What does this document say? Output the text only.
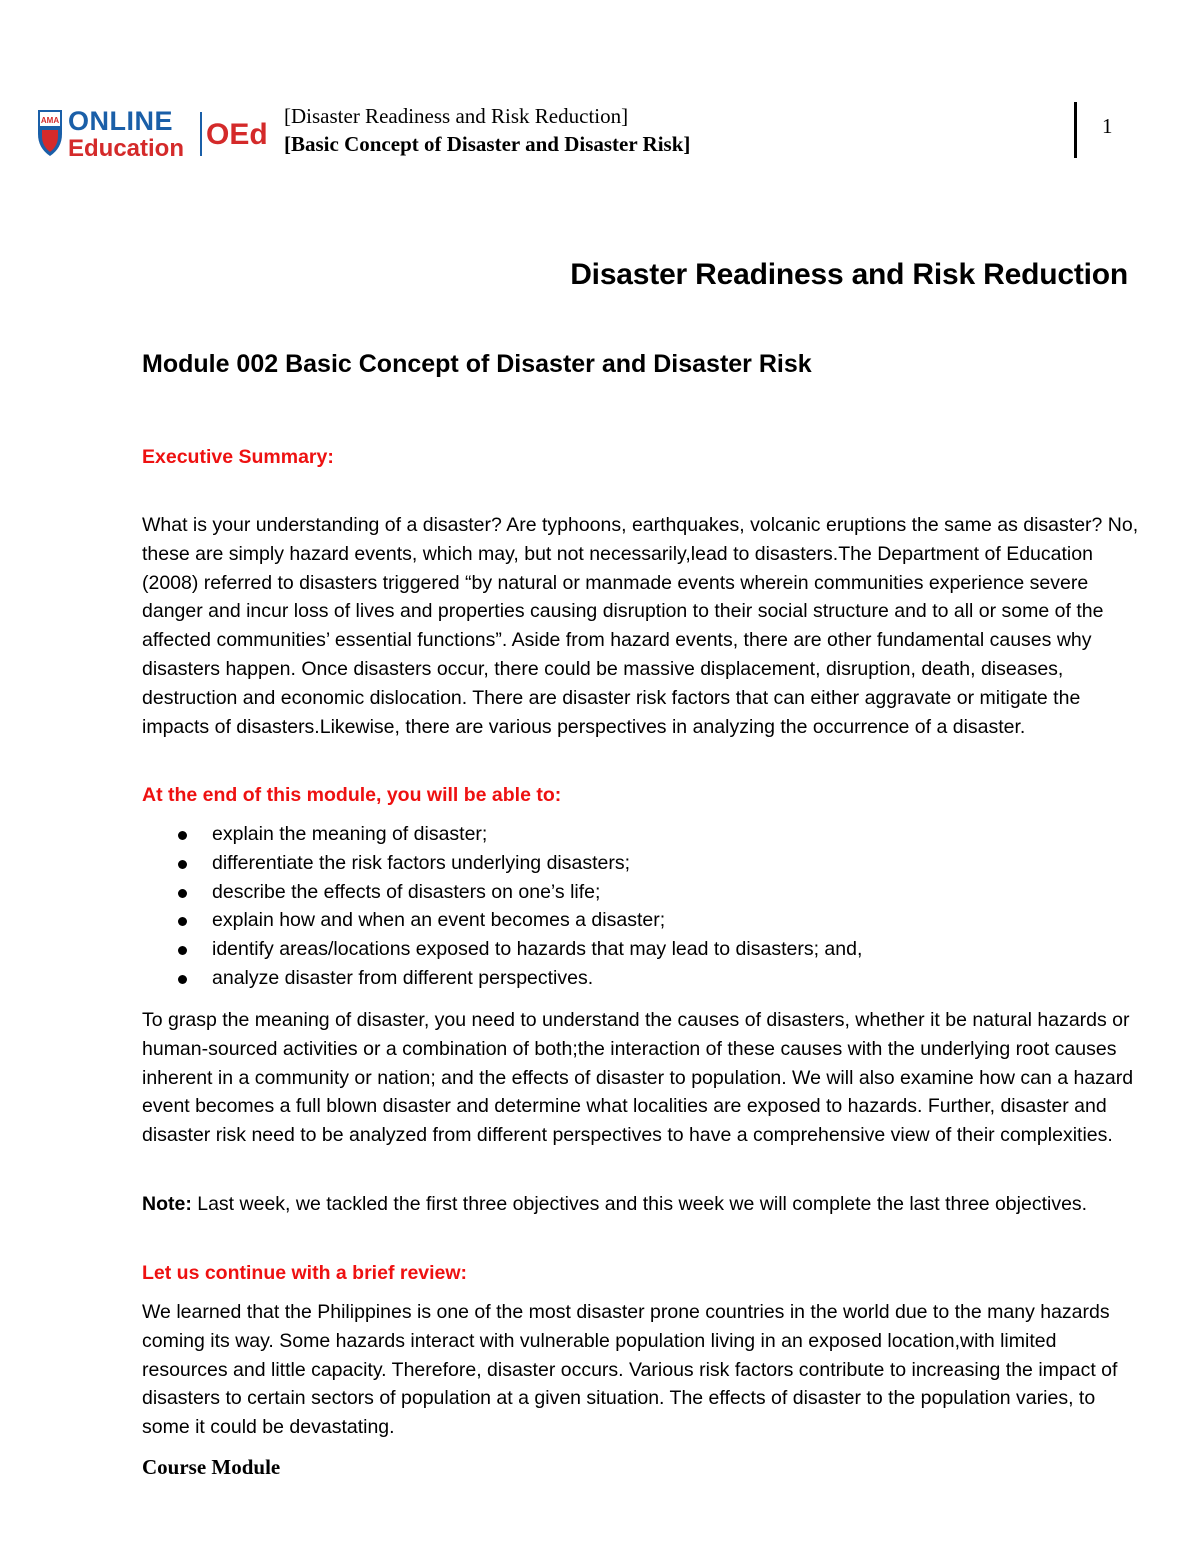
AMA ONLINE
Education OEd
[Disaster Readiness and Risk Reduction]
[Basic Concept of Disaster and Disaster Risk]
1
Disaster Readiness and Risk Reduction
Module 002 Basic Concept of Disaster and Disaster Risk
Executive Summary:

What is your understanding of a disaster? Are typhoons, earthquakes, volcanic eruptions the same as disaster? No, these are simply hazard events, which may, but not necessarily,lead to disasters.The Department of Education (2008) referred to disasters triggered “by natural or manmade events wherein communities experience severe danger and incur loss of lives and properties causing disruption to their social structure and to all or some of the affected communities’ essential functions”. Aside from hazard events, there are other fundamental causes why disasters happen. Once disasters occur, there could be massive displacement, disruption, death, diseases, destruction and economic dislocation. There are disaster risk factors that can either aggravate or mitigate the impacts of disasters.Likewise, there are various perspectives in analyzing the occurrence of a disaster.

At the end of this module, you will be able to:
explain the meaning of disaster;
differentiate the risk factors underlying disasters;
describe the effects of disasters on one’s life;
explain how and when an event becomes a disaster;
identify areas/locations exposed to hazards that may lead to disasters; and,
analyze disaster from different perspectives.

To grasp the meaning of disaster, you need to understand the causes of disasters, whether it be natural hazards or human-sourced activities or a combination of both;the interaction of these causes with the underlying root causes inherent in a community or nation; and the effects of disaster to population. We will also examine how can a hazard event becomes a full blown disaster and determine what localities are exposed to hazards. Further, disaster and disaster risk need to be analyzed from different perspectives to have a comprehensive view of their complexities.

Note: Last week, we tackled the first three objectives and this week we will complete the last three objectives.

Let us continue with a brief review:

We learned that the Philippines is one of the most disaster prone countries in the world due to the many hazards coming its way. Some hazards interact with vulnerable population living in an exposed location,with limited resources and little capacity. Therefore, disaster occurs. Various risk factors contribute to increasing the impact of disasters to certain sectors of population at a given situation. The effects of disaster to the population varies, to some it could be devastating.

Course Module
